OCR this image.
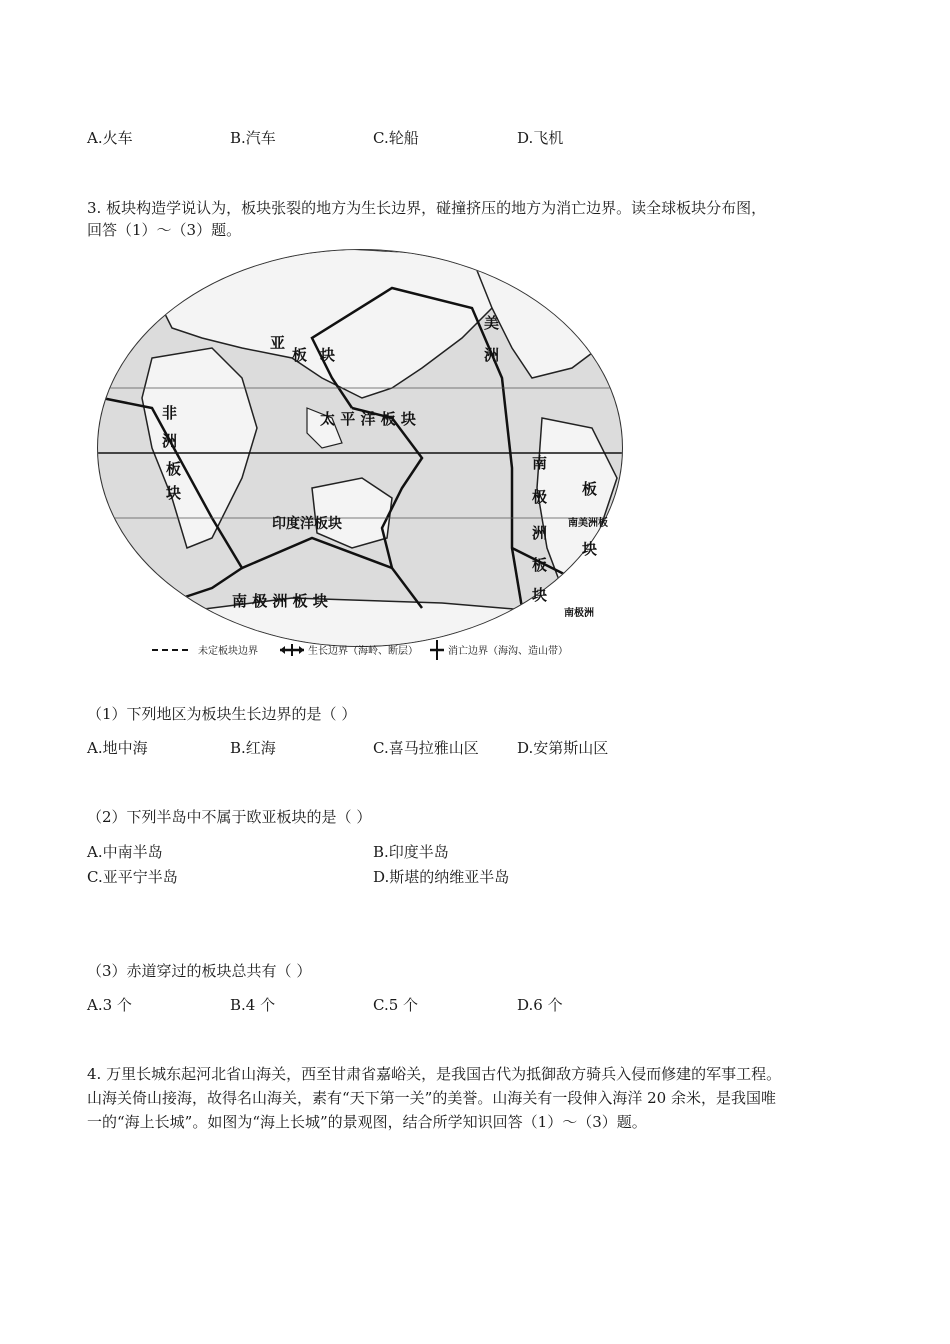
A.火车	B.汽车	C.轮船	D.飞机
3. 板块构造学说认为，板块张裂的地方为生长边界，碰撞挤压的地方为消亡边界。读全球板块分布图，
回答（1）～（3）题。
亚
板 块
非
洲
板
块
太 平 洋 板 块
印度洋板块
南 极 洲 板 块
美
洲
南
极
洲
板
块
板
块
南美洲板
南极洲
未定板块边界	生长边界（海岭、断层）	消亡边界（海沟、造山带）
（1）下列地区为板块生长边界的是（ ）
A.地中海	B.红海	C.喜马拉雅山区	D.安第斯山区
（2）下列半岛中不属于欧亚板块的是（ ）
A.中南半岛	B.印度半岛
C.亚平宁半岛	D.斯堪的纳维亚半岛
（3）赤道穿过的板块总共有（ ）
A.3 个	B.4 个	C.5 个	D.6 个
4. 万里长城东起河北省山海关，西至甘肃省嘉峪关，是我国古代为抵御敌方骑兵入侵而修建的军事工程。
山海关倚山接海，故得名山海关，素有“天下第一关”的美誉。山海关有一段伸入海洋 20 余米，是我国唯
一的“海上长城”。如图为“海上长城”的景观图，结合所学知识回答（1）～（3）题。
